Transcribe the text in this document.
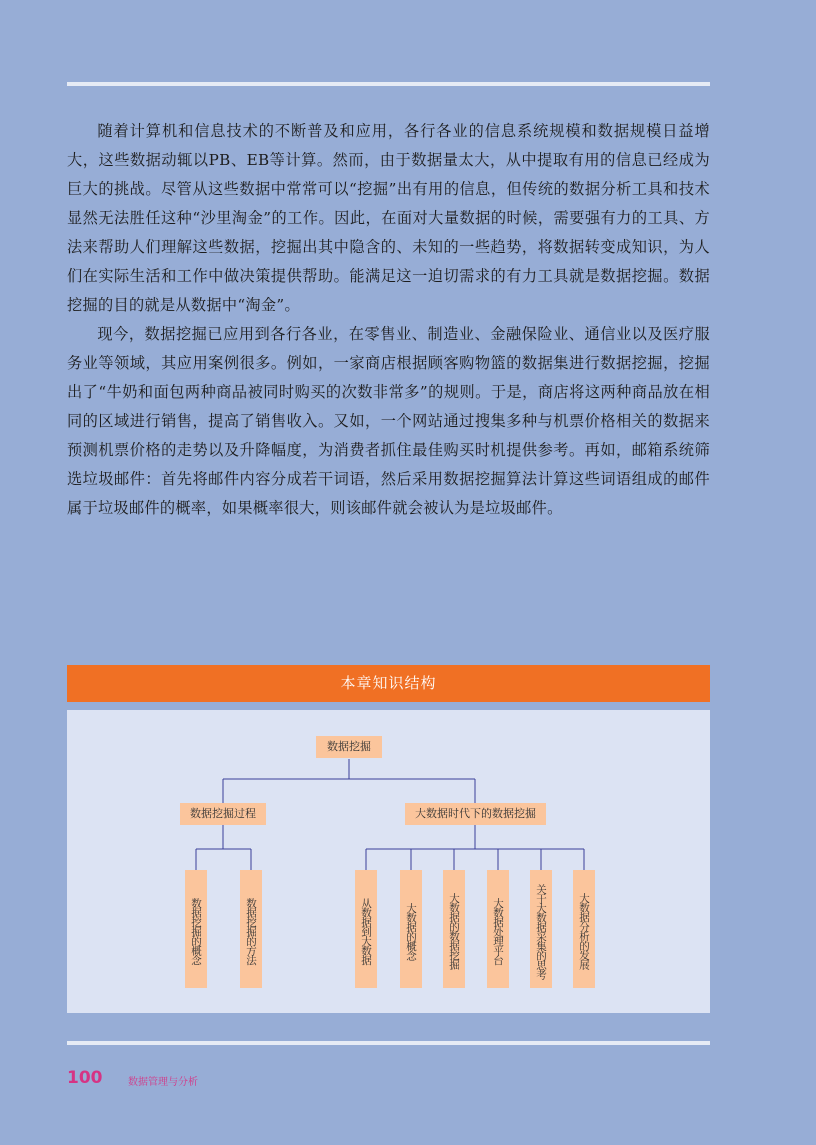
随着计算机和信息技术的不断普及和应用，各行各业的信息系统规模和数据规模日益增大，这些数据动辄以PB、EB等计算。然而，由于数据量太大，从中提取有用的信息已经成为巨大的挑战。尽管从这些数据中常常可以“挖掘”出有用的信息，但传统的数据分析工具和技术显然无法胜任这种“沙里淘金”的工作。因此，在面对大量数据的时候，需要强有力的工具、方法来帮助人们理解这些数据，挖掘出其中隐含的、未知的一些趋势，将数据转变成知识，为人们在实际生活和工作中做决策提供帮助。能满足这一迫切需求的有力工具就是数据挖掘。数据挖掘的目的就是从数据中“淘金”。

现今，数据挖掘已应用到各行各业，在零售业、制造业、金融保险业、通信业以及医疗服务业等领域，其应用案例很多。例如，一家商店根据顾客购物篮的数据集进行数据挖掘，挖掘出了“牛奶和面包两种商品被同时购买的次数非常多”的规则。于是，商店将这两种商品放在相同的区域进行销售，提高了销售收入。又如，一个网站通过搜集多种与机票价格相关的数据来预测机票价格的走势以及升降幅度，为消费者抓住最佳购买时机提供参考。再如，邮箱系统筛选垃圾邮件：首先将邮件内容分成若干词语，然后采用数据挖掘算法计算这些词语组成的邮件属于垃圾邮件的概率，如果概率很大，则该邮件就会被认为是垃圾邮件。

本章知识结构
数据挖掘
数据挖掘过程	大数据时代下的数据挖掘
数据挖掘的概念	数据挖掘的方法	从数据到大数据	大数据的概念	大数据的数据挖掘	大数据处理平台	关于大数据采集的思考	大数据分析的发展
100	数据管理与分析
